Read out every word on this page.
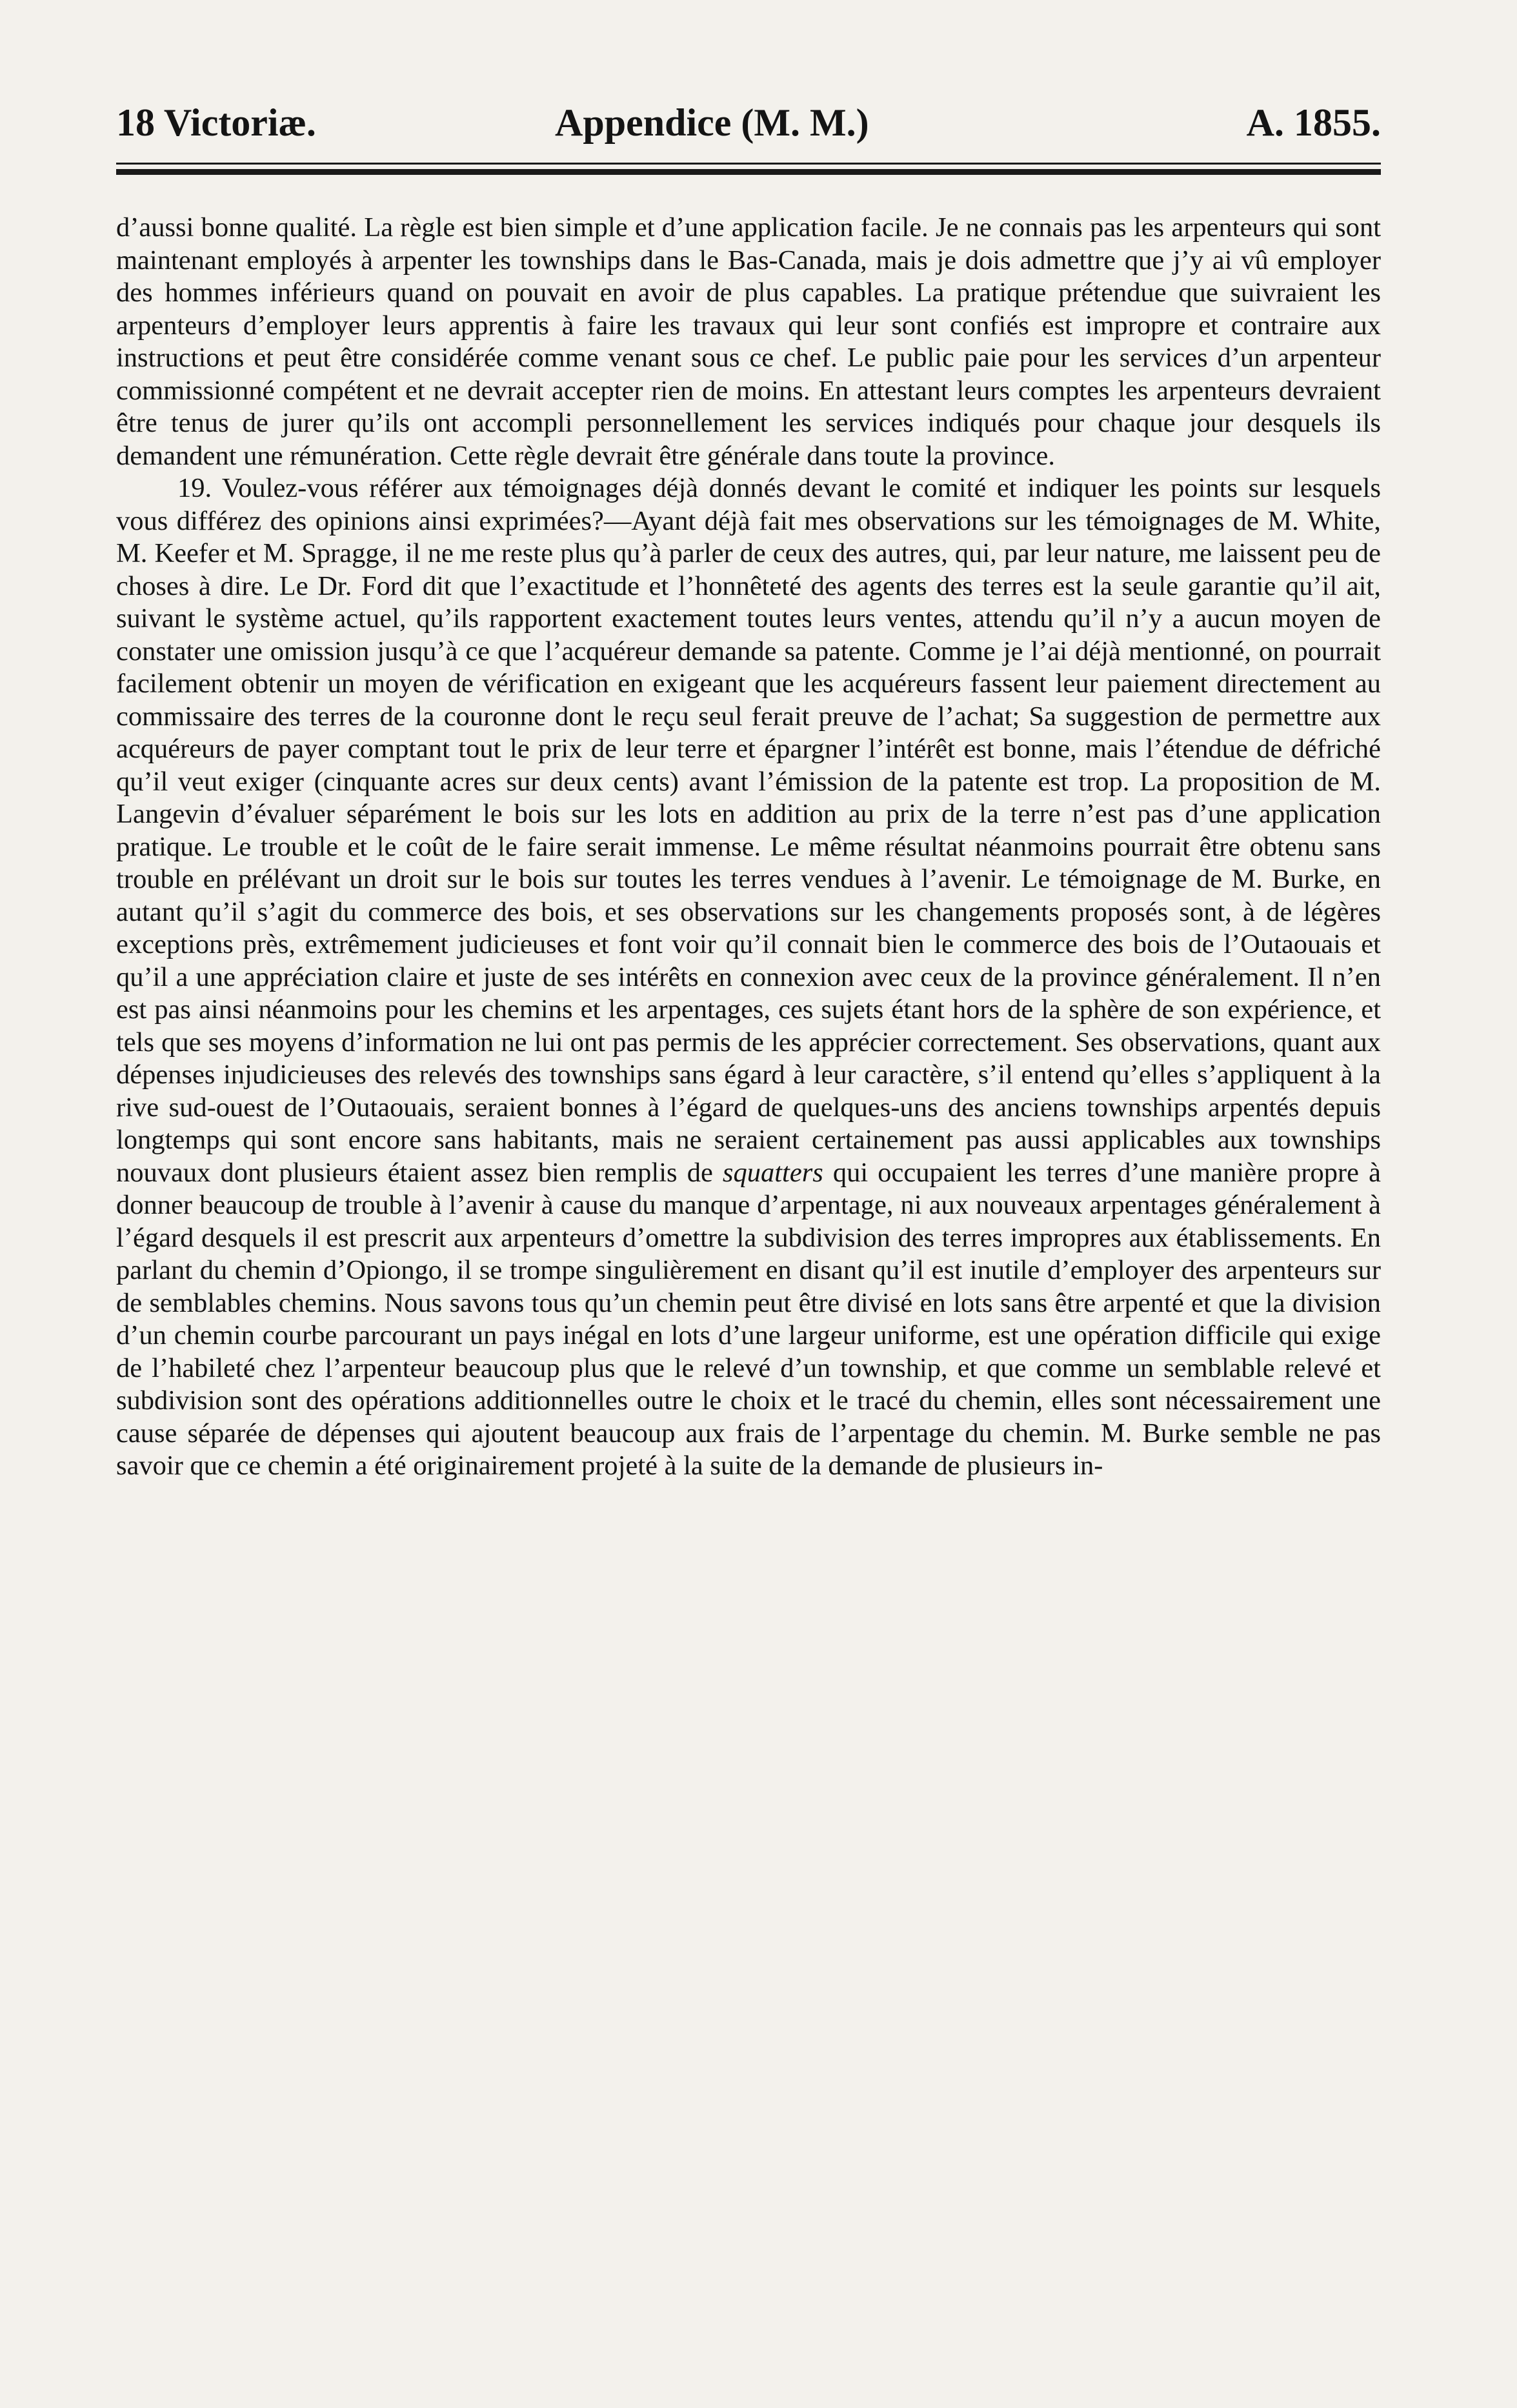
18 Victoriæ.	Appendice (M. M.)	A. 1855.

d’aussi bonne qualité. La règle est bien simple et d’une application facile. Je ne connais pas les arpenteurs qui sont maintenant employés à arpenter les townships dans le Bas-Canada, mais je dois admettre que j’y ai vû employer des hommes inférieurs quand on pouvait en avoir de plus capables. La pratique prétendue que suivraient les arpenteurs d’employer leurs apprentis à faire les travaux qui leur sont confiés est impropre et contraire aux instructions et peut être considérée comme venant sous ce chef. Le public paie pour les services d’un arpenteur commissionné compétent et ne devrait accepter rien de moins. En attestant leurs comptes les arpenteurs devraient être tenus de jurer qu’ils ont accompli personnellement les services indiqués pour chaque jour desquels ils demandent une rémunération. Cette règle devrait être générale dans toute la province.

19. Voulez-vous référer aux témoignages déjà donnés devant le comité et indiquer les points sur lesquels vous différez des opinions ainsi exprimées?—Ayant déjà fait mes observations sur les témoignages de M. White, M. Keefer et M. Spragge, il ne me reste plus qu’à parler de ceux des autres, qui, par leur nature, me laissent peu de choses à dire. Le Dr. Ford dit que l’exactitude et l’honnêteté des agents des terres est la seule garantie qu’il ait, suivant le système actuel, qu’ils rapportent exactement toutes leurs ventes, attendu qu’il n’y a aucun moyen de constater une omission jusqu’à ce que l’acquéreur demande sa patente. Comme je l’ai déjà mentionné, on pourrait facilement obtenir un moyen de vérification en exigeant que les acquéreurs fassent leur paiement directement au commissaire des terres de la couronne dont le reçu seul ferait preuve de l’achat; Sa suggestion de permettre aux acquéreurs de payer comptant tout le prix de leur terre et épargner l’intérêt est bonne, mais l’étendue de défriché qu’il veut exiger (cinquante acres sur deux cents) avant l’émission de la patente est trop. La proposition de M. Langevin d’évaluer séparément le bois sur les lots en addition au prix de la terre n’est pas d’une application pratique. Le trouble et le coût de le faire serait immense. Le même résultat néanmoins pourrait être obtenu sans trouble en prélévant un droit sur le bois sur toutes les terres vendues à l’avenir. Le témoignage de M. Burke, en autant qu’il s’agit du commerce des bois, et ses observations sur les changements proposés sont, à de légères exceptions près, extrêmement judicieuses et font voir qu’il connait bien le commerce des bois de l’Outaouais et qu’il a une appréciation claire et juste de ses intérêts en connexion avec ceux de la province généralement. Il n’en est pas ainsi néanmoins pour les chemins et les arpentages, ces sujets étant hors de la sphère de son expérience, et tels que ses moyens d’information ne lui ont pas permis de les apprécier correctement. Ses observations, quant aux dépenses injudicieuses des relevés des townships sans égard à leur caractère, s’il entend qu’elles s’appliquent à la rive sud-ouest de l’Outaouais, seraient bonnes à l’égard de quelques-uns des anciens townships arpentés depuis longtemps qui sont encore sans habitants, mais ne seraient certainement pas aussi applicables aux townships nouvaux dont plusieurs étaient assez bien remplis de squatters qui occupaient les terres d’une manière propre à donner beaucoup de trouble à l’avenir à cause du manque d’arpentage, ni aux nouveaux arpentages généralement à l’égard desquels il est prescrit aux arpenteurs d’omettre la subdivision des terres impropres aux établissements. En parlant du chemin d’Opiongo, il se trompe singulièrement en disant qu’il est inutile d’employer des arpenteurs sur de semblables chemins. Nous savons tous qu’un chemin peut être divisé en lots sans être arpenté et que la division d’un chemin courbe parcourant un pays inégal en lots d’une largeur uniforme, est une opération difficile qui exige de l’habileté chez l’arpenteur beaucoup plus que le relevé d’un township, et que comme un semblable relevé et subdivision sont des opérations additionnelles outre le choix et le tracé du chemin, elles sont nécessairement une cause séparée de dépenses qui ajoutent beaucoup aux frais de l’arpentage du chemin. M. Burke semble ne pas savoir que ce chemin a été originairement projeté à la suite de la demande de plusieurs in-
